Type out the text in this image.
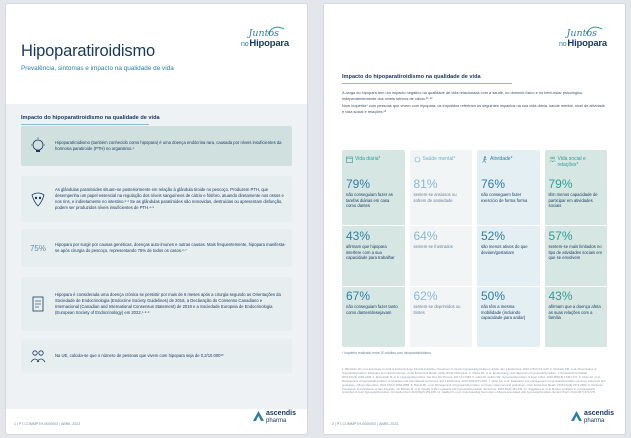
Juntos
noHipopara
Hipoparatiroidismo
Prevalência, sintomas e impacto na qualidade de vida
Impacto do hipoparatiroidismo na qualidade de vida
Hipoparatiroidismo (também conhecido como hipopara) é uma doença endócrina rara, causada por níveis insuficientes da hormona paratiroide (PTH) no organismo.¹
As glândulas paratiroides situam-se posteriormente em relação à glândula tiroide no pescoço. Produzem PTH, que desempenha um papel essencial na regulação dos níveis sanguíneos de cálcio e fósforo, atuando diretamente nos ossos e nos rins, e indiretamente no intestino.²·³ Se as glândulas paratiroides são removidas, destruídas ou apresentam disfunção, podem ser produzidos níveis insuficientes de PTH.⁴·⁵
75% Hipopara por surgir por causas genéticas, doenças auto-imunes e outras causas. Mais frequentemente, hipopara manifesta-se após cirurgia do pescoço, representando 75% de todos os casos.⁶·⁷
Hipopara é considerada uma doença crónica se persistir por mais de 6 meses após a cirurgia segundo as Orientações da Sociedade de Endocrinologia (Endocrine Society Guidelines) de 2016, a Declaração do Consenso Canadiano e Internacional (Canadian and International Consensus Statement) de 2019 e a Sociedade Europeia de Endocrinologia (European Society of Endocrinology) em 2022.¹·⁸·⁹
Na UE, calcula-se que o número de pessoas que vivem com hipopara seja de 0,2/10.000¹⁰
1 | PT-COMMPTH-0000002 | ABRIL 2023
ascendis
pharma
Juntos
noHipopara
Impacto do hipoparatiroidismo na qualidade de vida

A carga do hipopara tem um impacto negativo na qualidade de vida relacionada com a saúde, no domínio físico e no bem-estar psicológico, independentemente dos níveis séricos de cálcio.¹¹·¹²

Num inquérito* com pessoas que vivem com hipopara, os inquiridos referiram os seguintes impactos na sua vida diária, saúde mental, nível de atividade e vida social e relações:¹³

Vida diária*
79%
não conseguiam fazer as tarefas diárias em casa como dantes
43%
afirmam que hipopara interfere com a sua capacidade para trabalhar
67%
não conseguiam fazer tanto como dantes/desejavam
Saúde mental*
81%
sentem-se ansiosos ou sofrem de ansiedade
64%
sentem-se frustrados
62%
sentem-se deprimidos ou tristes
Atividade*
76%
não conseguem fazer exercício de forma forma
52%
são menos ativos do que deviam/gostariam
50%
não têm a mesma mobilidade (incluindo capacidade para andar)
Vida social e relações*
79%
têm menos capacidade de participar em atividades sociais
57%
sentem-se mais limitados no tipo de atividades sociais em que se envolvem
43%
afirmam que a doença afeta as suas relações com a família
* Inquérito realizado entre 20 adultos com hipoparatiroidismo
1. Bilezikian JP, et al. European Journal of Endocrinology. Clinical Guideline: Treatment of chronic hypoparathyroidism in adults. Eur J Endocrinol. 2015;173(2):G1-G20. 2. Shoback DM, et al. Presentation of hypoparathyroidism: Etiologies and clinical features. J Clin Endocrinol Metab. 2016;101(6):2300-2312. 3. Clarke BL, et al. Epidemiology and diagnosis of hypoparathyroidism. J Clin Endocrinol Metab. 2016;101(6):2284-2299. 4. Mannstadt M, et al. Hypoparathyroidism. Nat Rev Dis Primers. 2017;3:17055. 5. Gafni RI, Collins MT. Hypoparathyroidism. N Engl J Med. 2019;380(18):1738-1747. 6. Khan AA, et al. Management of hypoparathyroidism: a Canadian and international consensus. Eur J Endocrinol. 2019;180(3):P1-P22. 7. Khan AA, et al. Evaluation and management of hypoparathyroidism summary statement and guidelines. J Bone Miner Res. 2022;37(12):2568-2585. 8. Brandi ML, et al. Management of hypoparathyroidism: summary statement and guidelines. J Clin Endocrinol Metab. 2016;101(6):2273-2283. 9. Orphanet. Prevalence and incidence of rare diseases. 10. Büttner M, et al. Quality of life in patients with hypoparathyroidism. Endocrine. 2018;59(2):433-441. 11. Siggelkow H, et al. Burden of illness in not adequately controlled chronic hypoparathyroidism. Clin Endocrinol. 2020;92(2):159-168. 12. Hadker N, et al. Understanding the burden of illness associated with hypoparathyroidism. Endocr Pract. 2014;20(7):671-679.
2 | PT-COMMPTH-0000002 | ABRIL 2023
ascendis
pharma
